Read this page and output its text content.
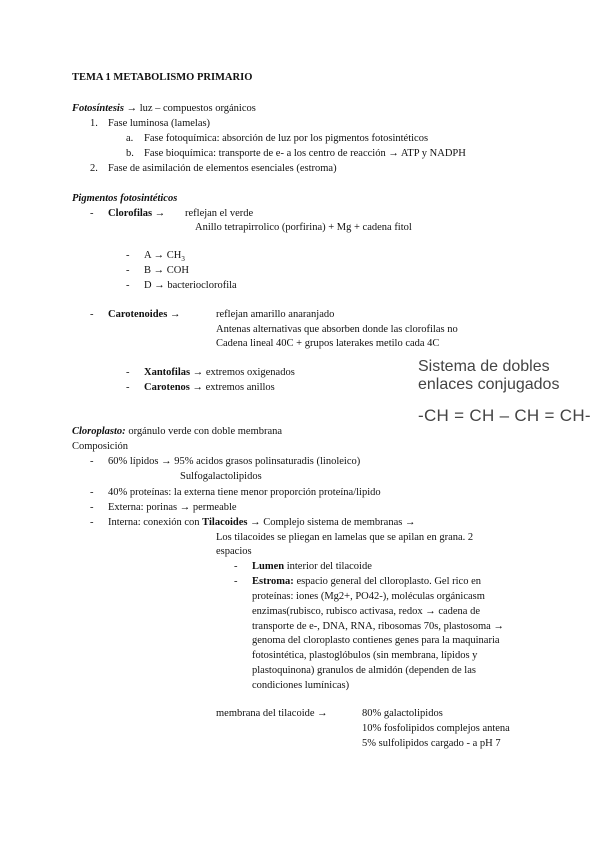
TEMA 1 METABOLISMO PRIMARIO
Fotosíntesis → luz – compuestos orgánicos
1. Fase luminosa (lamelas)
a. Fase fotoquímica: absorción de luz por los pigmentos fotosintéticos
b. Fase bioquímica: transporte de e- a los centro de reacción → ATP y NADPH
2. Fase de asimilación de elementos esenciales (estroma)
Pigmentos fotosintéticos
- Clorofilas → reflejan el verde
Anillo tetrapirrolico (porfirina) + Mg + cadena fitol
- $A \to CH_3$
- B → COH
- D → bacterioclorofila
- Carotenoides →	reflejan amarillo anaranjado
Antenas alternativas que absorben donde las clorofilas no
Cadena lineal 40C + grupos laterakes metilo cada 4C
- Xantofilas → extremos oxigenados
- Carotenos → extremos anillos
Sistema de dobles
enlaces conjugados
-CH = CH – CH = CH-
Cloroplasto: orgánulo verde con doble membrana
Composición
- 60% lípidos → 95% acidos grasos polinsaturadis (linoleico)
Sulfogalactolipidos
- 40% proteínas: la externa tiene menor proporción proteína/lipido
- Externa: porinas → permeable
- Interna: conexión con Tilacoides → Complejo sistema de membranas →
Los tilacoides se pliegan en lamelas que se apilan en grana. 2
espacios
- Lumen interior del tilacoide
- Estroma: espacio general del clloroplasto. Gel rico en
proteínas: iones (Mg2+, PO42-), moléculas orgánicasm
enzimas(rubisco, rubisco activasa, redox → cadena de
transporte de e-, DNA, RNA, ribosomas 70s, plastosoma →
genoma del cloroplasto contienes genes para la maquinaria
fotosintética, plastoglóbulos (sin membrana, lípidos y
plastoquinona) granulos de almidón (dependen de las
condiciones lumínicas)
membrana del tilacoide →	80% galactolipidos
10% fosfolipidos complejos antena
5% sulfolipidos cargado - a pH 7
